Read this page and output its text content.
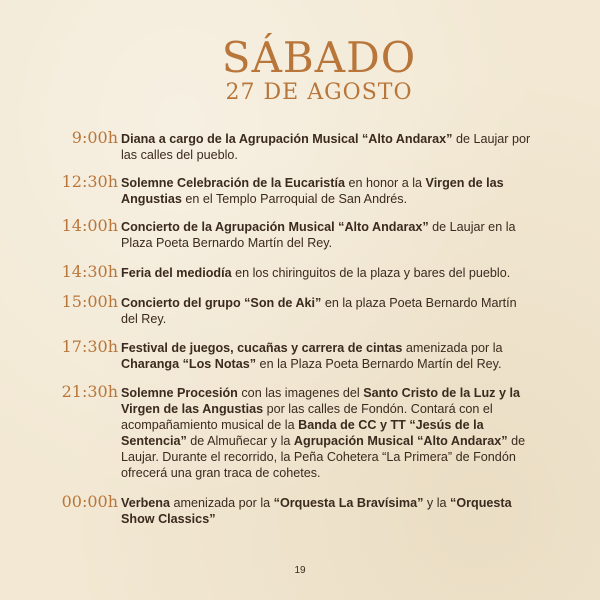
SÁBADO
27 DE AGOSTO
9:00h Diana a cargo de la Agrupación Musical “Alto Andarax” de Laujar por las calles del pueblo.
12:30h Solemne Celebración de la Eucaristía en honor a la Virgen de las Angustias en el Templo Parroquial de San Andrés.
14:00h Concierto de la Agrupación Musical “Alto Andarax” de Laujar en la Plaza Poeta Bernardo Martín del Rey.
14:30h Feria del mediodía en los chiringuitos de la plaza y bares del pueblo.
15:00h Concierto del grupo “Son de Aki” en la plaza Poeta Bernardo Martín del Rey.
17:30h Festival de juegos, cucañas y carrera de cintas amenizada por la Charanga “Los Notas” en la Plaza Poeta Bernardo Martín del Rey.
21:30h Solemne Procesión con las imagenes del Santo Cristo de la Luz y la Virgen de las Angustias por las calles de Fondón. Contará con el acompañamiento musical de la Banda de CC y TT “Jesús de la Sentencia” de Almuñecar y la Agrupación Musical “Alto Andarax” de Laujar. Durante el recorrido, la Peña Cohetera “La Primera” de Fondón ofrecerá una gran traca de cohetes.
00:00h Verbena amenizada por la “Orquesta La Bravísima” y la “Orquesta Show Classics”
19
